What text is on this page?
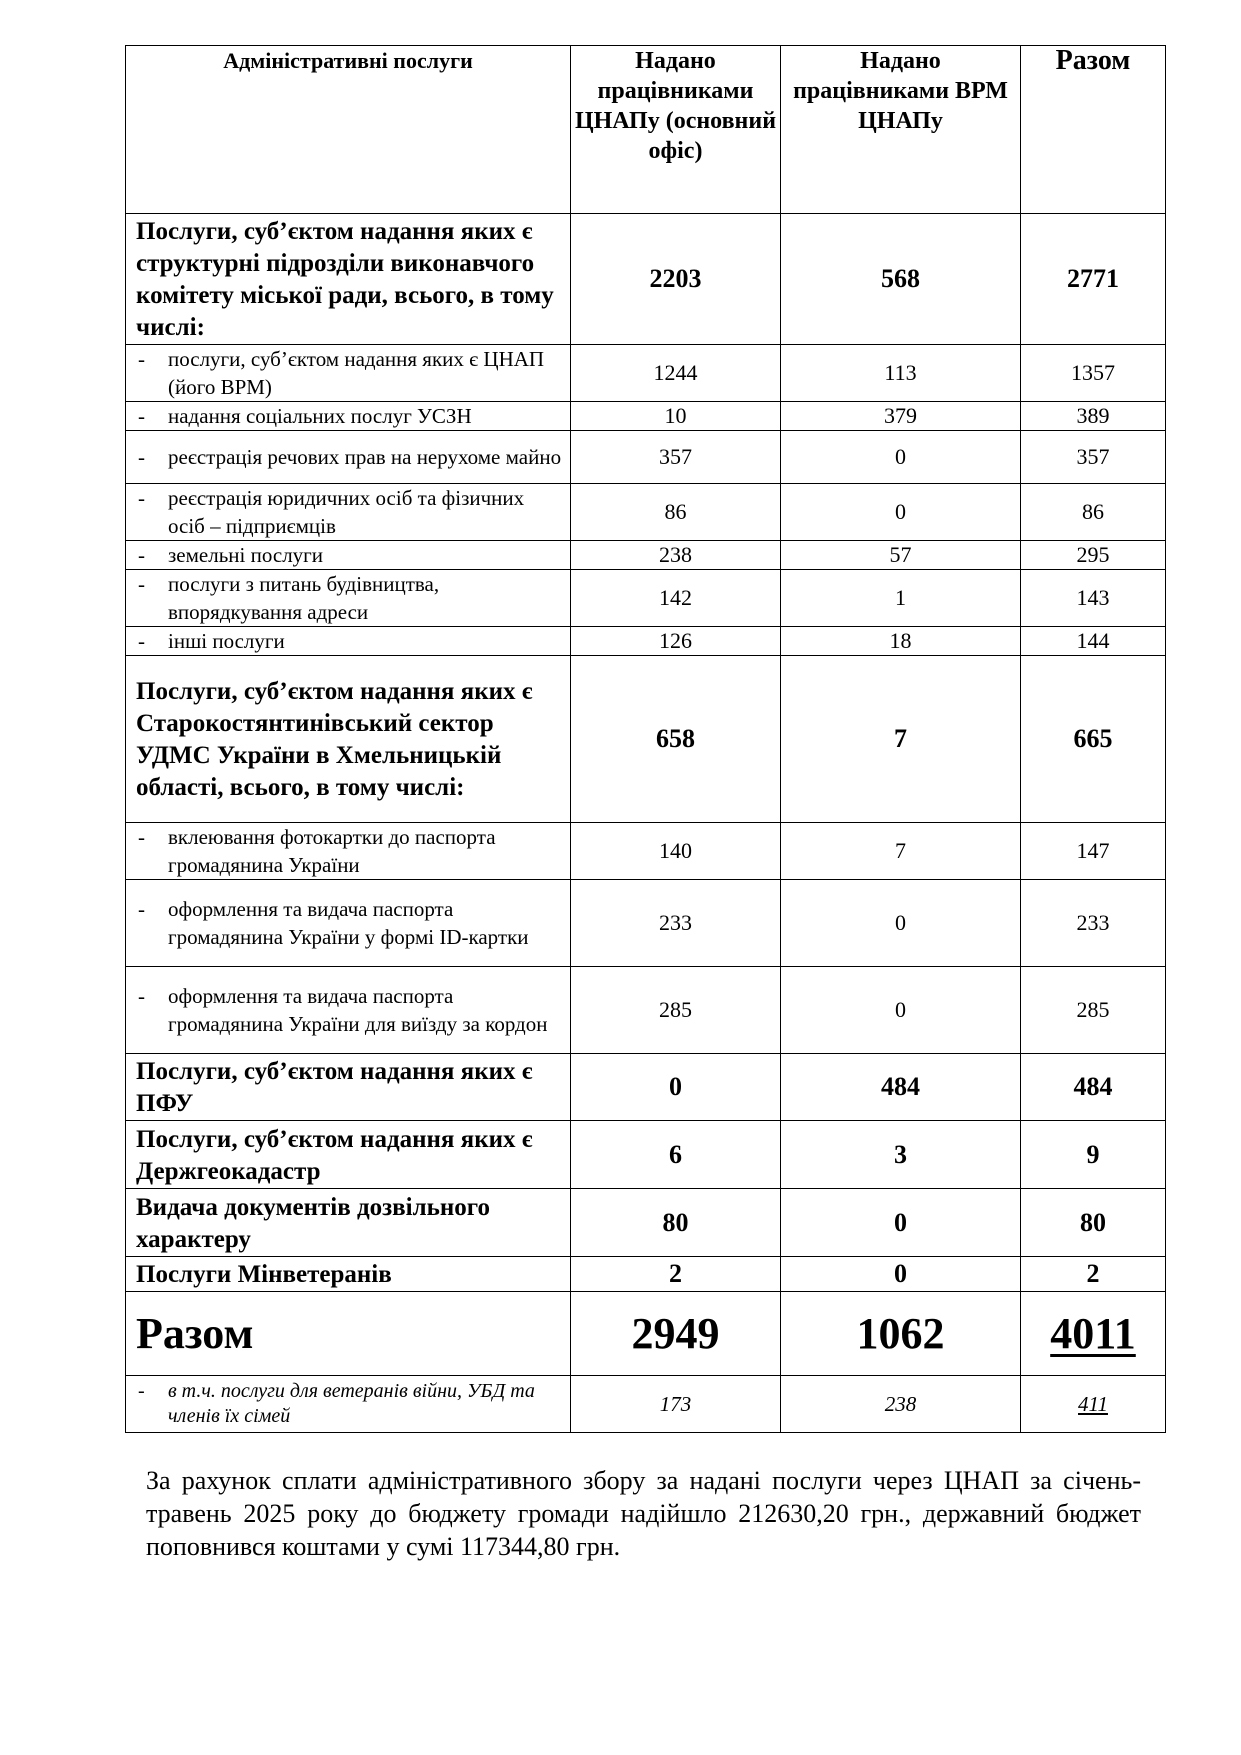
Адміністративні послуги	Надано працівниками ЦНАПу (основний офіс)	Надано працівниками ВРМ ЦНАПу	Разом
Послуги, суб’єктом надання яких є структурні підрозділи виконавчого комітету міської ради, всього, в тому числі:	2203	568	2771

- послуги, суб’єктом надання яких є ЦНАП (його ВРМ)	1244	113	1357

- надання соціальних послуг УСЗН	10	379	389

- реєстрація речових прав на нерухоме майно	357	0	357

- реєстрація юридичних осіб та фізичних осіб – підприємців	86	0	86

- земельні послуги	238	57	295

- послуги з питань будівництва, впорядкування адреси	142	1	143

- інші послуги	126	18	144
Послуги, суб’єктом надання яких є Старокостянтинівський сектор УДМС України в Хмельницькій області, всього, в тому числі:	658	7	665

- вклеювання фотокартки до паспорта громадянина України	140	7	147

- оформлення та видача паспорта громадянина України у формі ID-картки	233	0	233

- оформлення та видача паспорта громадянина України для виїзду за кордон	285	0	285
Послуги, суб’єктом надання яких є ПФУ	0	484	484
Послуги, суб’єктом надання яких є Держгеокадастр	6	3	9
Видача документів дозвільного характеру	80	0	80
Послуги Мінветеранів	2	0	2
Разом	2949	1062	4011

- в т.ч. послуги для ветеранів війни, УБД та членів їх сімей	173	238	411

За рахунок сплати адміністративного збору за надані послуги через ЦНАП за січень-травень 2025 року до бюджету громади надійшло 212630,20 грн., державний бюджет поповнився коштами у сумі 117344,80 грн.
